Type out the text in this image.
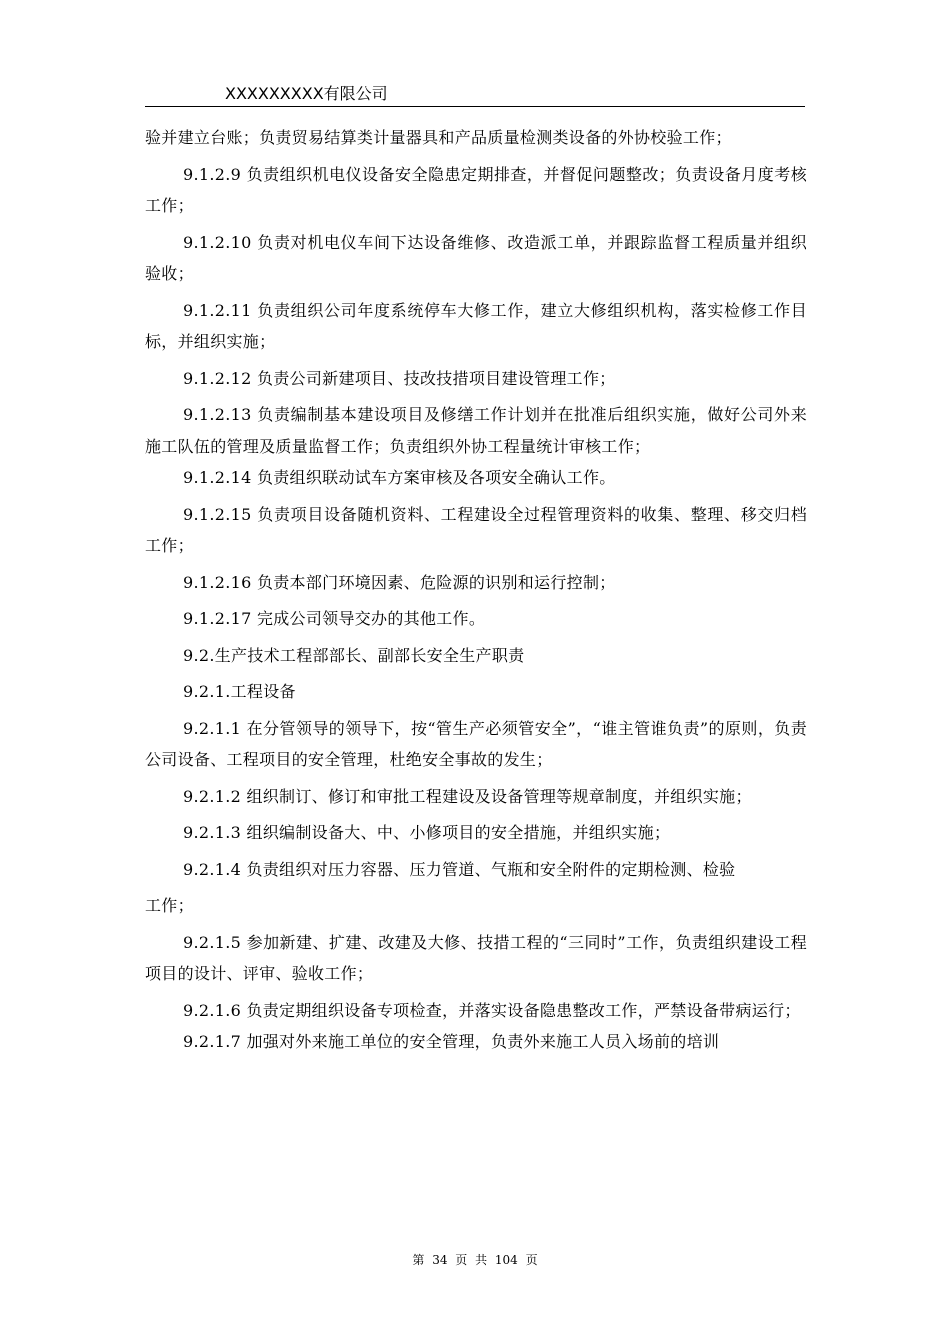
XXXXXXXXX有限公司

验并建立台账；负责贸易结算类计量器具和产品质量检测类设备的外协校验工作；

9.1.2.9 负责组织机电仪设备安全隐患定期排查，并督促问题整改；负责设备月度考核工作；

9.1.2.10 负责对机电仪车间下达设备维修、改造派工单，并跟踪监督工程质量并组织验收；

9.1.2.11 负责组织公司年度系统停车大修工作，建立大修组织机构，落实检修工作目标，并组织实施；

9.1.2.12 负责公司新建项目、技改技措项目建设管理工作；

9.1.2.13 负责编制基本建设项目及修缮工作计划并在批准后组织实施，做好公司外来施工队伍的管理及质量监督工作；负责组织外协工程量统计审核工作；

9.1.2.14 负责组织联动试车方案审核及各项安全确认工作。

9.1.2.15 负责项目设备随机资料、工程建设全过程管理资料的收集、整理、移交归档工作；

9.1.2.16 负责本部门环境因素、危险源的识别和运行控制；

9.1.2.17 完成公司领导交办的其他工作。

9.2.生产技术工程部部长、副部长安全生产职责

9.2.1.工程设备

9.2.1.1 在分管领导的领导下，按“管生产必须管安全”，“谁主管谁负责”的原则，负责公司设备、工程项目的安全管理，杜绝安全事故的发生；

9.2.1.2 组织制订、修订和审批工程建设及设备管理等规章制度，并组织实施；

9.2.1.3 组织编制设备大、中、小修项目的安全措施，并组织实施；

9.2.1.4 负责组织对压力容器、压力管道、气瓶和安全附件的定期检测、检验

工作；

9.2.1.5 参加新建、扩建、改建及大修、技措工程的“三同时”工作，负责组织建设工程项目的设计、评审、验收工作；

9.2.1.6 负责定期组织设备专项检查，并落实设备隐患整改工作，严禁设备带病运行；

9.2.1.7 加强对外来施工单位的安全管理，负责外来施工人员入场前的培训

第 34 页 共 104 页
